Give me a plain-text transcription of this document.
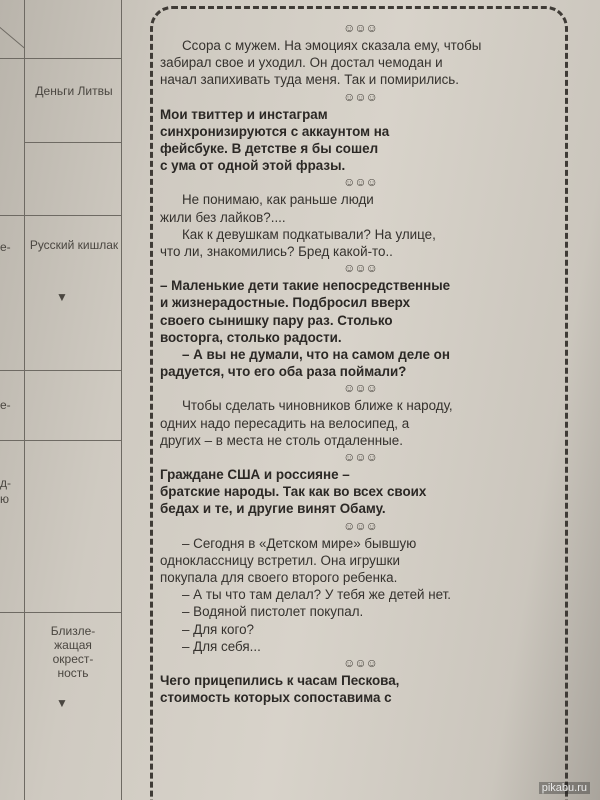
Деньги Литвы
Русский кишлак
▼
Близле-жащая окрест-ность
▼
е-
е-
д-
ю
☺☺☺
Ссора с мужем. На эмоциях сказала ему, чтобы
забирал свое и уходил. Он достал чемодан и
начал запихивать туда меня. Так и помирились.
☺☺☺
Мои твиттер и инстаграм
синхронизируются с аккаунтом на
фейсбуке. В детстве я бы сошел
с ума от одной этой фразы.
☺☺☺
Не понимаю, как раньше люди
жили без лайков?....
Как к девушкам подкатывали? На улице,
что ли, знакомились? Бред какой-то..
☺☺☺
– Маленькие дети такие непосредственные
и жизнерадостные. Подбросил вверх
своего сынишку пару раз. Столько
восторга, столько радости.
– А вы не думали, что на самом деле он
радуется, что его оба раза поймали?
☺☺☺
Чтобы сделать чиновников ближе к народу,
одних надо пересадить на велосипед, а
других – в места не столь отдаленные.
☺☺☺
Граждане США и россияне –
братские народы. Так как во всех своих
бедах и те, и другие винят Обаму.
☺☺☺
– Сегодня в «Детском мире» бывшую
одноклассницу встретил. Она игрушки
покупала для своего второго ребенка.
– А ты что там делал? У тебя же детей нет.
– Водяной пистолет покупал.
– Для кого?
– Для себя...
☺☺☺
Чего прицепились к часам Пескова,
стоимость которых сопоставима с
pikabu.ru
